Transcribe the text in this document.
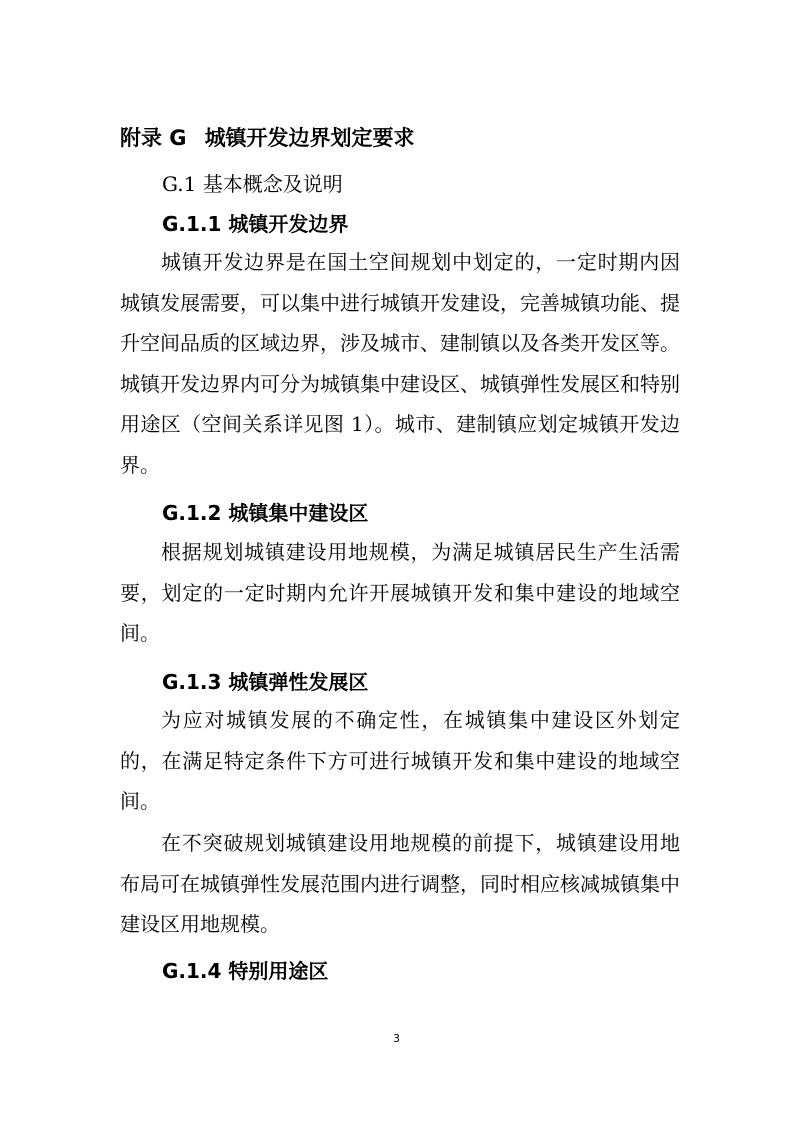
附录 G 城镇开发边界划定要求
G.1 基本概念及说明
G.1.1 城镇开发边界

城镇开发边界是在国土空间规划中划定的，一定时期内因城镇发展需要，可以集中进行城镇开发建设，完善城镇功能、提升空间品质的区域边界，涉及城市、建制镇以及各类开发区等。城镇开发边界内可分为城镇集中建设区、城镇弹性发展区和特别用途区（空间关系详见图 1）。城市、建制镇应划定城镇开发边界。

G.1.2 城镇集中建设区

根据规划城镇建设用地规模，为满足城镇居民生产生活需要，划定的一定时期内允许开展城镇开发和集中建设的地域空间。

G.1.3 城镇弹性发展区

为应对城镇发展的不确定性，在城镇集中建设区外划定的，在满足特定条件下方可进行城镇开发和集中建设的地域空间。

在不突破规划城镇建设用地规模的前提下，城镇建设用地布局可在城镇弹性发展范围内进行调整，同时相应核减城镇集中建设区用地规模。

G.1.4 特别用途区
3
